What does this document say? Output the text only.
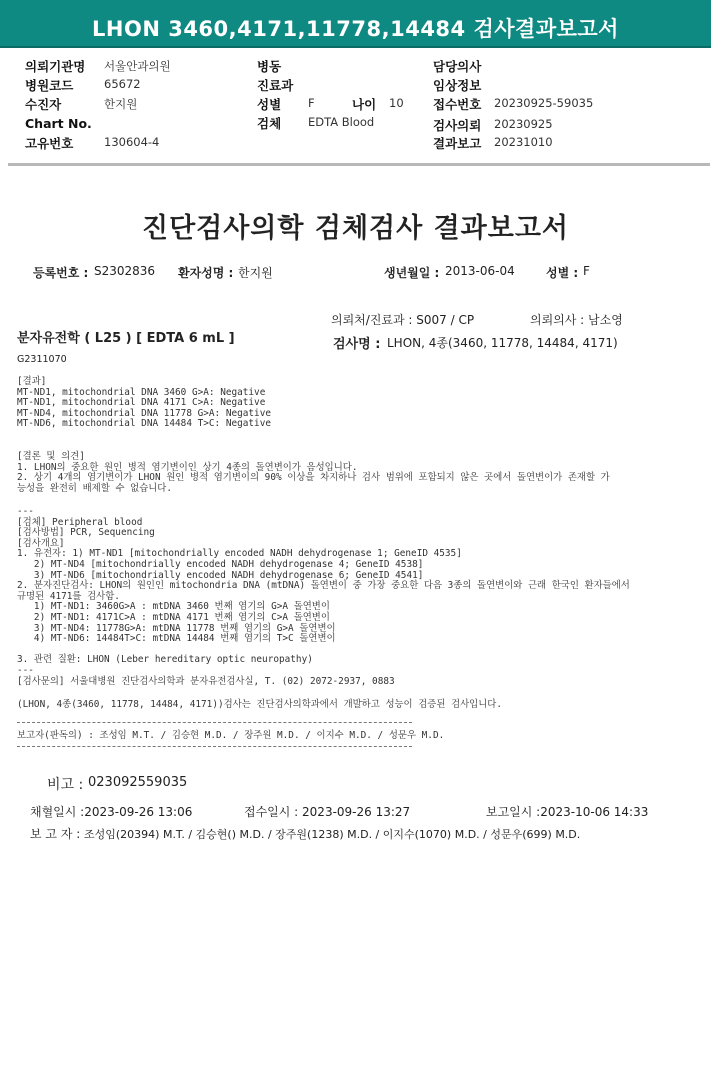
LHON 3460,4171,11778,14484 검사결과보고서
의뢰기관명 서울안과의원
병원코드	65672
수진자	한지원
Chart No.
고유번호	130604-4
병동
진료과
성별 F	나이 10
검체 EDTA Blood
담당의사
임상정보
접수번호 20230925-59035
검사의뢰 20230925
결과보고 20231010
진단검사의학 검체검사 결과보고서
등록번호 : S2302836 환자성명 : 한지원	생년월일 : 2013-06-04	성별 : F
의뢰처/진료과 : S007 / CP	의뢰의사 : 남소영
분자유전학 ( L25 ) [ EDTA 6 mL ]	검사명 : LHON, 4종(3460, 11778, 14484, 4171)
G2311070
[결과]
MT-ND1, mitochondrial DNA 3460 G>A: Negative
MT-ND1, mitochondrial DNA 4171 C>A: Negative
MT-ND4, mitochondrial DNA 11778 G>A: Negative
MT-ND6, mitochondrial DNA 14484 T>C: Negative
[결론 및 의견]
1. LHON의 중요한 원인 병적 염기변이인 상기 4종의 돌연변이가 음성입니다.
2. 상기 4개의 염기변이가 LHON 원인 병적 염기변이의 90% 이상을 차지하나 검사 범위에 포함되지 않은 곳에서 돌연변이가 존재할 가
능성을 완전히 배제할 수 없습니다.
---
[검체] Peripheral blood
[검사방법] PCR, Sequencing
[검사개요]
1. 유전자: 1) MT-ND1 [mitochondrially encoded NADH dehydrogenase 1; GeneID 4535]
2) MT-ND4 [mitochondrially encoded NADH dehydrogenase 4; GeneID 4538]
3) MT-ND6 [mitochondrially encoded NADH dehydrogenase 6; GeneID 4541]
2. 분자진단검사: LHON의 원인인 mitochondria DNA (mtDNA) 돌연변이 중 가장 중요한 다음 3종의 돌연변이와 근래 한국인 환자들에서
규명된 4171를 검사함.
1) MT-ND1: 3460G>A : mtDNA 3460 번째 염기의 G>A 돌연변이
2) MT-ND1: 4171C>A : mtDNA 4171 번째 염기의 C>A 돌연변이
3) MT-ND4: 11778G>A: mtDNA 11778 번째 염기의 G>A 돌연변이
4) MT-ND6: 14484T>C: mtDNA 14484 번째 염기의 T>C 돌연변이

3. 관련 질환: LHON (Leber hereditary optic neuropathy)
---
[검사문의] 서울대병원 진단검사의학과 분자유전검사실, T. (02) 2072-2937, 0883
(LHON, 4종(3460, 11778, 14484, 4171))검사는 진단검사의학과에서 개발하고 성능이 검증된 검사입니다.
보고자(판독의) : 조성임 M.T. / 김승현 M.D. / 장주원 M.D. / 이지수 M.D. / 성문우 M.D.
비고 : 023092559035
채혈일시 :2023-09-26 13:06	접수일시 : 2023-09-26 13:27	보고일시 :2023-10-06 14:33
보 고 자 : 조성임(20394) M.T. / 김승현() M.D. / 장주원(1238) M.D. / 이지수(1070) M.D. / 성문우(699) M.D.
